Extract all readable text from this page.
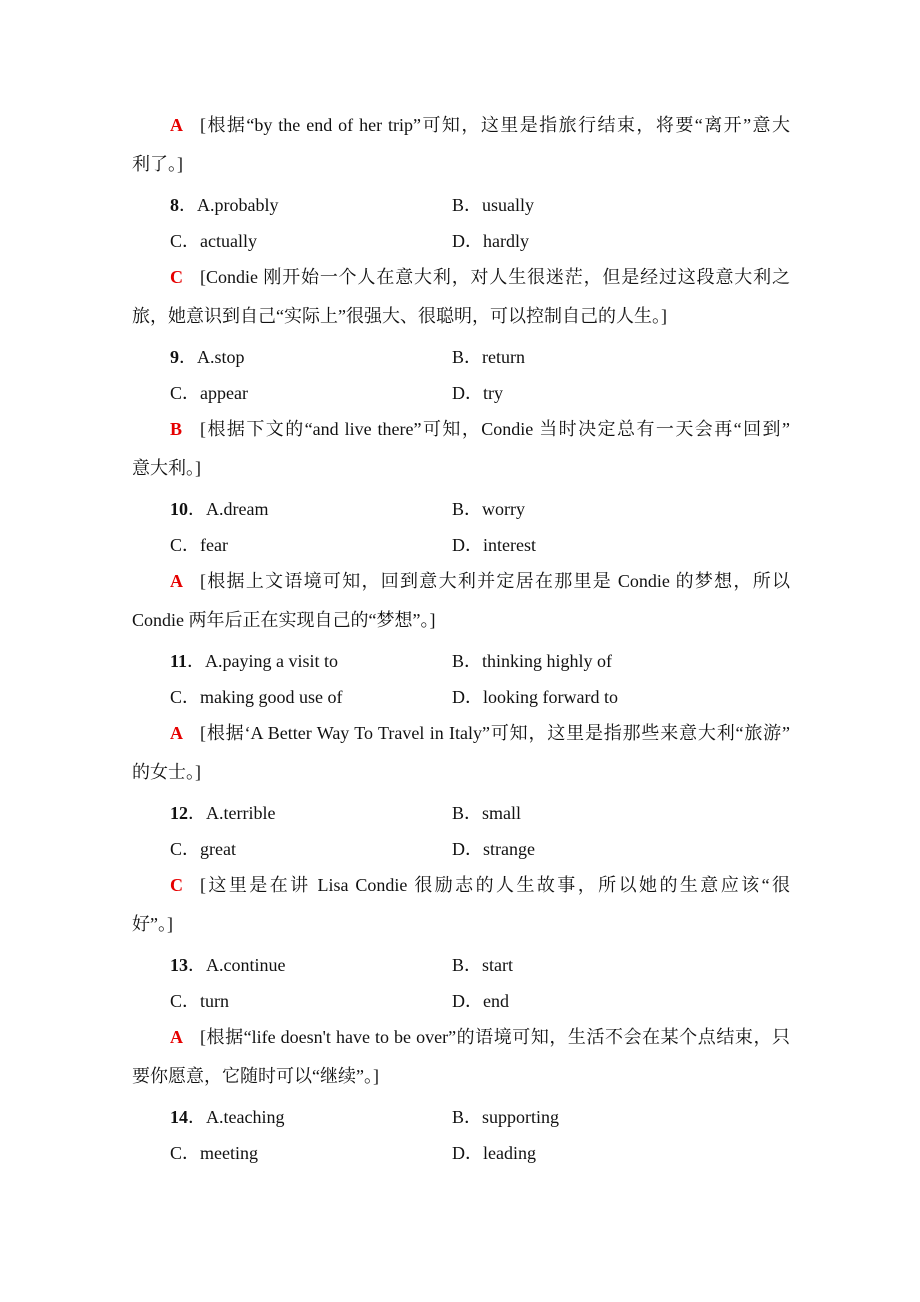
A [根据“by the end of her trip”可知，这里是指旅行结束，将要“离开”意大
利了。]
8．A.probably	B．usually
C．actually	D．hardly
C [Condie 刚开始一个人在意大利，对人生很迷茫，但是经过这段意大利之
旅，她意识到自己“实际上”很强大、很聪明，可以控制自己的人生。]
9．A.stop	B．return
C．appear	D．try
B [根据下文的“and live there”可知，Condie 当时决定总有一天会再“回到”
意大利。]
10．A.dream	B．worry
C．fear	D．interest
A [根据上文语境可知，回到意大利并定居在那里是 Condie 的梦想，所以
Condie 两年后正在实现自己的“梦想”。]
11．A.paying a visit to	B．thinking highly of
C．making good use of	D．looking forward to
A [根据‘A Better Way To Travel in Italy”可知，这里是指那些来意大利“旅游”
的女士。]
12．A.terrible	B．small
C．great	D．strange
C [这里是在讲 Lisa Condie 很励志的人生故事，所以她的生意应该“很
好”。]
13．A.continue	B．start
C．turn	D．end
A [根据“life doesn't have to be over”的语境可知，生活不会在某个点结束，只
要你愿意，它随时可以“继续”。]
14．A.teaching	B．supporting
C．meeting	D．leading
